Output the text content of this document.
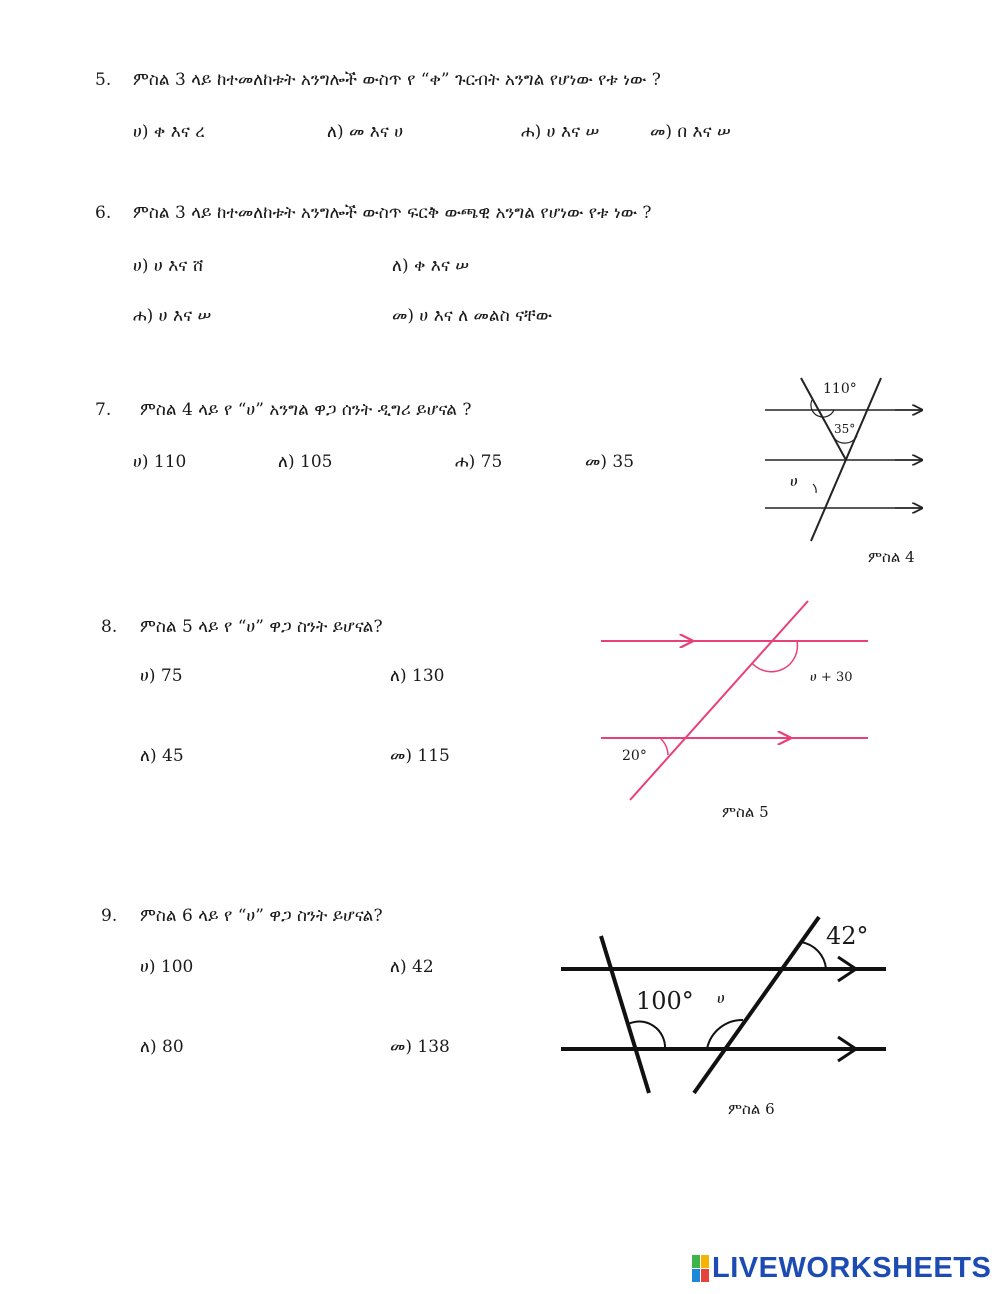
5. ምስል 3 ላይ ከተመለከቱት አንግሎች ውስጥ የ “ቀ” ጉርብት አንግል የሆነው የቱ ነው ?
ሀ) ቀ እና ረ	ለ) መ እና ሀ	ሐ) ሀ እና ሠ	መ) በ እና ሠ
6. ምስል 3 ላይ ከተመለከቱት አንግሎች ውስጥ ፍርቅ ውጫዊ አንግል የሆነው የቱ ነው ?
ሀ) ሀ እና ሸ	ለ) ቀ እና ሠ
ሐ) ሀ እና ሠ	መ) ሀ እና ለ መልስ ናቸው
7. ምስል 4 ላይ የ “ሀ” አንግል ዋጋ ሰንት ዲግሪ ይሆናል ?
ሀ) 110	ለ) 105	ሐ) 75	መ) 35
110°
35°
ሀ
ምስል 4
8. ምስል 5 ላይ የ “ሀ” ዋጋ ስንት ይሆናል?
ሀ) 75	ለ) 130
ለ) 45	መ) 115
ሀ + 30
20°
ምስል 5
9. ምስል 6 ላይ የ “ሀ” ዋጋ ስንት ይሆናል?
ሀ) 100	ለ) 42
ለ) 80	መ) 138
42°
100° ሀ
ምስል 6
LIVEWORKSHEETS
